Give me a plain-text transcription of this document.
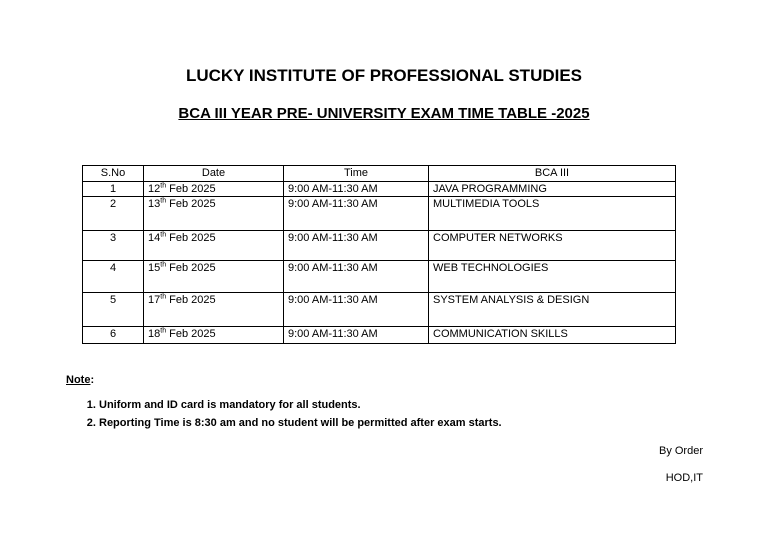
LUCKY INSTITUTE OF PROFESSIONAL STUDIES
BCA III YEAR PRE- UNIVERSITY EXAM TIME TABLE -2025
S.No	Date	Time	BCA III
1	12th Feb 2025	9:00 AM-11:30 AM	JAVA PROGRAMMING
2	13th Feb 2025	9:00 AM-11:30 AM	MULTIMEDIA TOOLS
3	14th Feb 2025	9:00 AM-11:30 AM	COMPUTER NETWORKS
4	15th Feb 2025	9:00 AM-11:30 AM	WEB TECHNOLOGIES
5	17th Feb 2025	9:00 AM-11:30 AM	SYSTEM ANALYSIS & DESIGN
6	18th Feb 2025	9:00 AM-11:30 AM	COMMUNICATION SKILLS
Note:
1. Uniform and ID card is mandatory for all students.
2. Reporting Time is 8:30 am and no student will be permitted after exam starts.
By Order
HOD,IT
